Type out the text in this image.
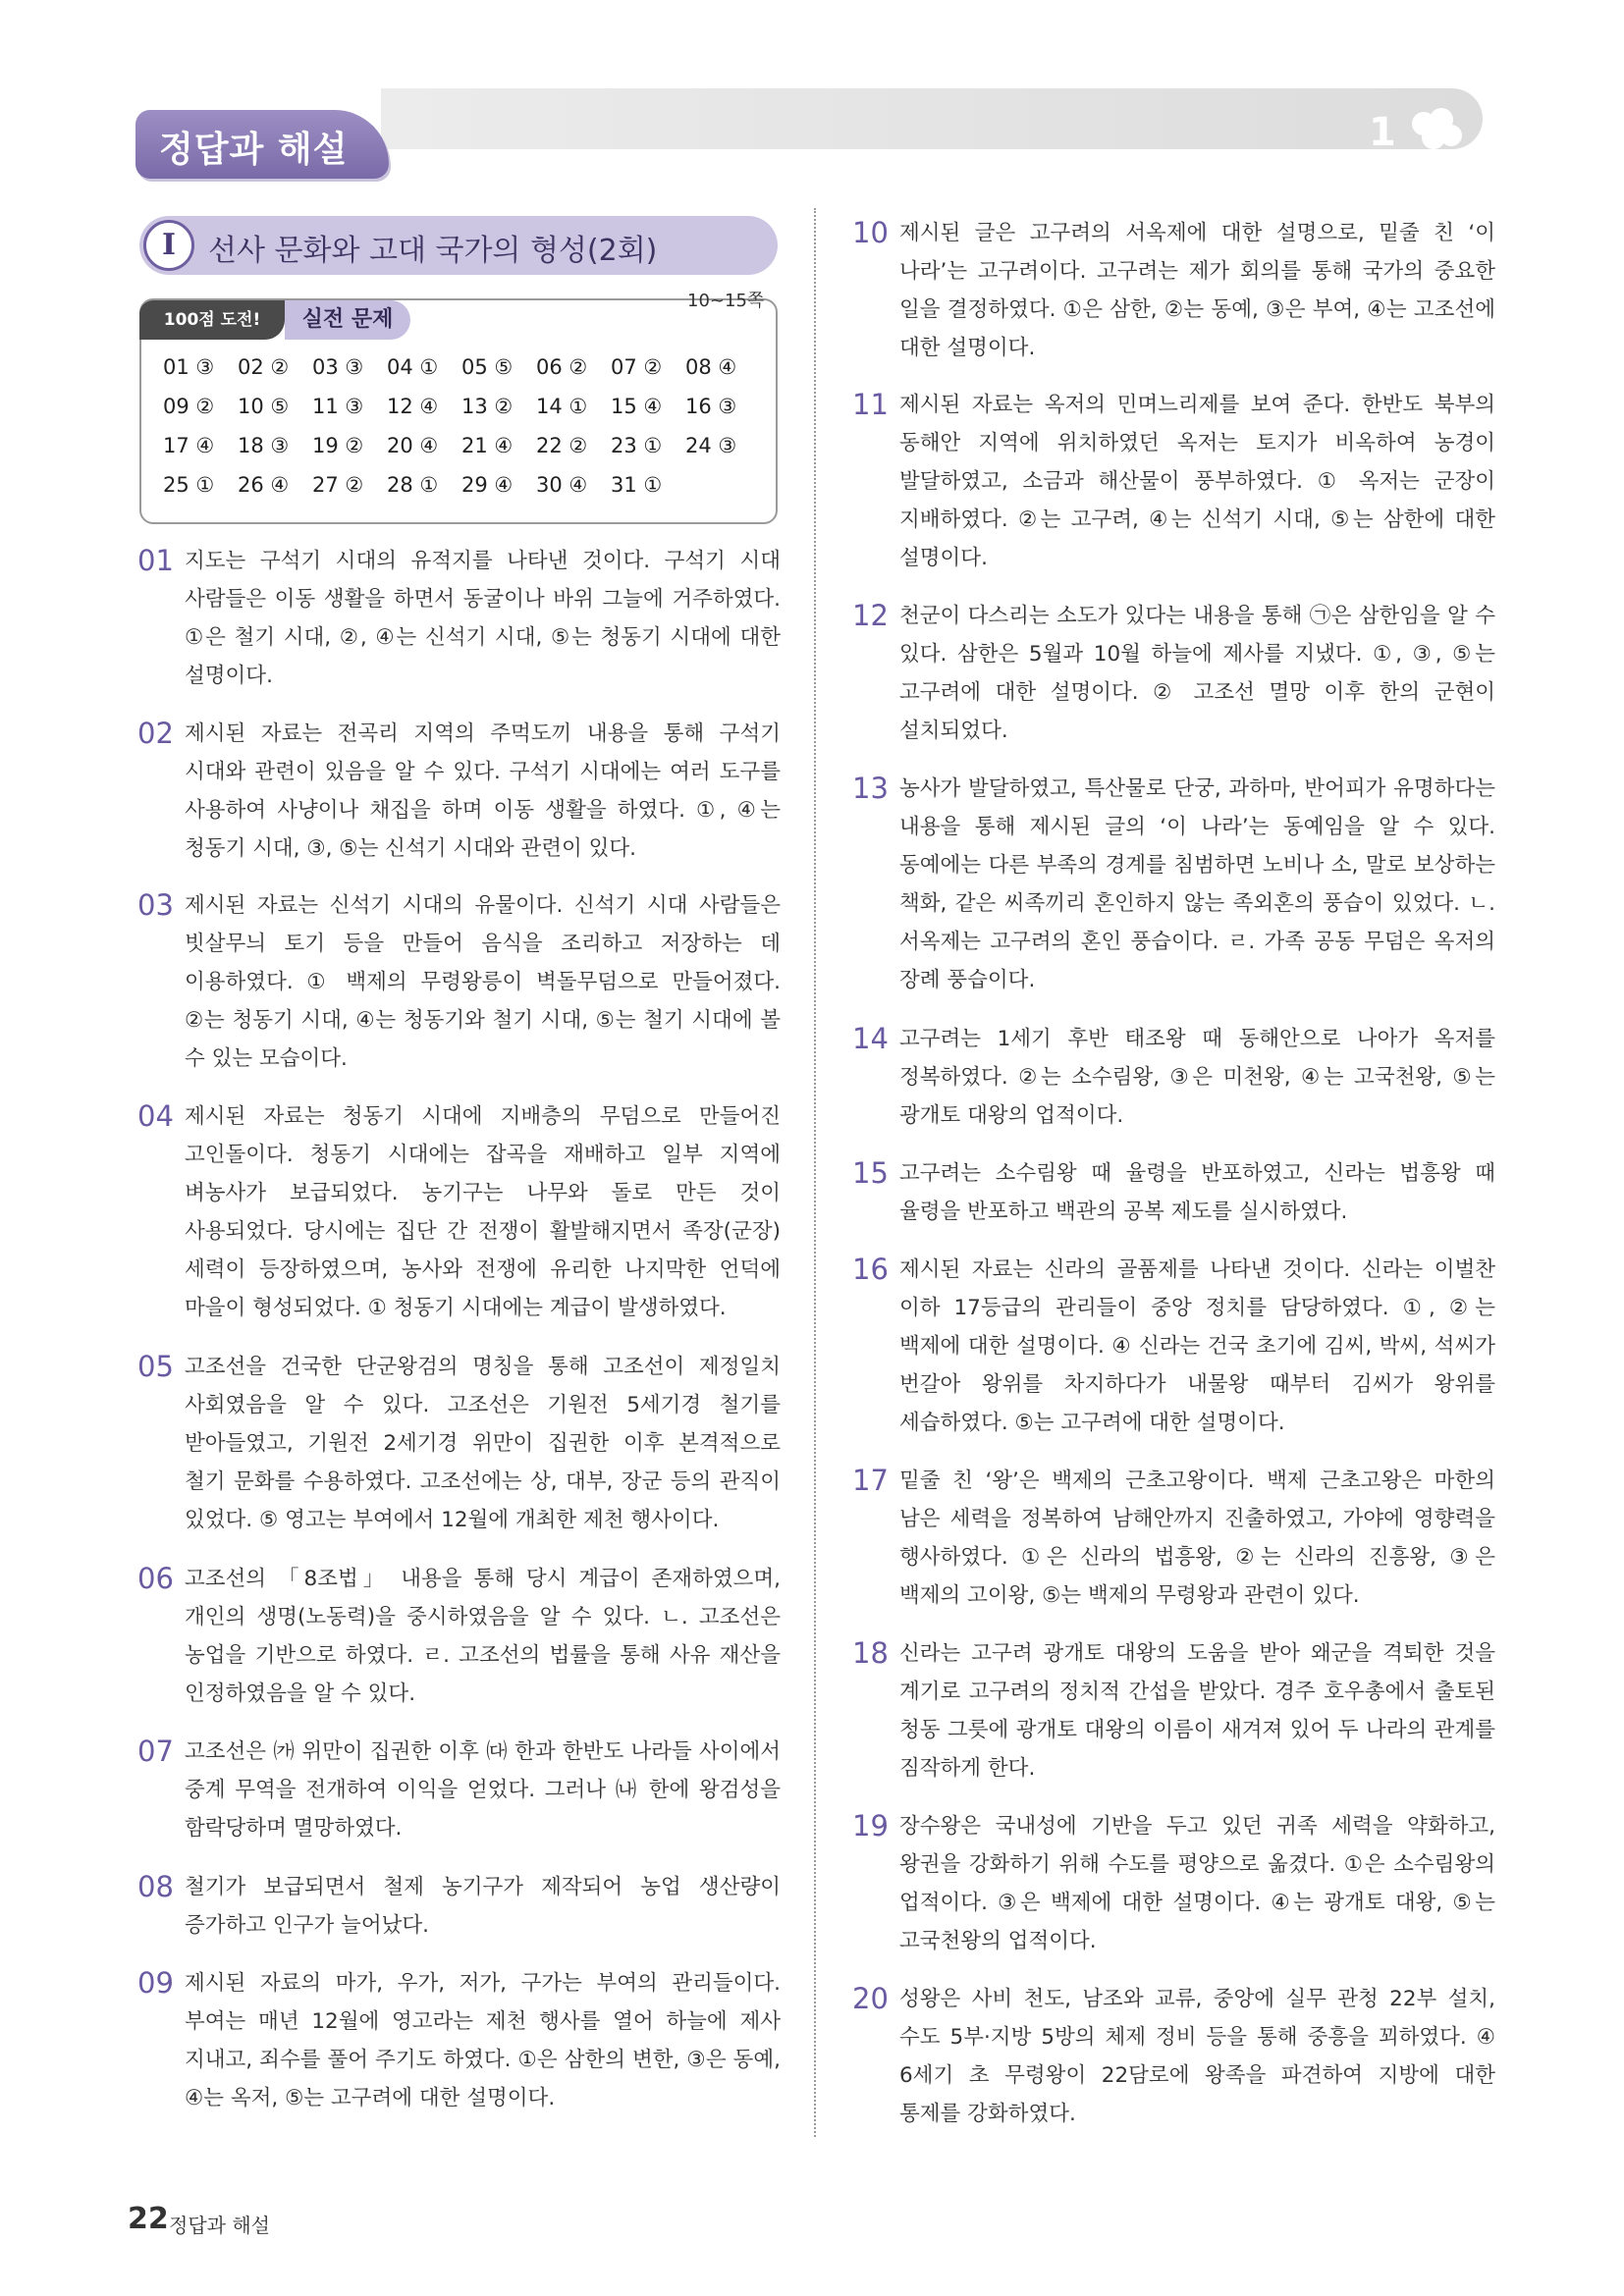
정답과 해설	1
I	선사 문화와 고대 국가의 형성(2회)
100점 도전!	실전 문제
10~15쪽
01 ③	02 ②	03 ③	04 ①	05 ⑤	06 ②	07 ②	08 ④
09 ②	10 ⑤	11 ③	12 ④	13 ②	14 ①	15 ④	16 ③
17 ④	18 ③	19 ②	20 ④	21 ④	22 ②	23 ①	24 ③
25 ①	26 ④	27 ②	28 ①	29 ④	30 ④	31 ①
01 지도는 구석기 시대의 유적지를 나타낸 것이다. 구석기 시대 사람들은 이동 생활을 하면서 동굴이나 바위 그늘에 거주하였다. ①은 철기 시대, ②, ④는 신석기 시대, ⑤는 청동기 시대에 대한 설명이다.
02 제시된 자료는 전곡리 지역의 주먹도끼 내용을 통해 구석기 시대와 관련이 있음을 알 수 있다. 구석기 시대에는 여러 도구를 사용하여 사냥이나 채집을 하며 이동 생활을 하였다. ①, ④는 청동기 시대, ③, ⑤는 신석기 시대와 관련이 있다.
03 제시된 자료는 신석기 시대의 유물이다. 신석기 시대 사람들은 빗살무늬 토기 등을 만들어 음식을 조리하고 저장하는 데 이용하였다. ① 백제의 무령왕릉이 벽돌무덤으로 만들어졌다. ②는 청동기 시대, ④는 청동기와 철기 시대, ⑤는 철기 시대에 볼 수 있는 모습이다.
04 제시된 자료는 청동기 시대에 지배층의 무덤으로 만들어진 고인돌이다. 청동기 시대에는 잡곡을 재배하고 일부 지역에 벼농사가 보급되었다. 농기구는 나무와 돌로 만든 것이 사용되었다. 당시에는 집단 간 전쟁이 활발해지면서 족장(군장) 세력이 등장하였으며, 농사와 전쟁에 유리한 나지막한 언덕에 마을이 형성되었다. ① 청동기 시대에는 계급이 발생하였다.
05 고조선을 건국한 단군왕검의 명칭을 통해 고조선이 제정일치 사회였음을 알 수 있다. 고조선은 기원전 5세기경 철기를 받아들였고, 기원전 2세기경 위만이 집권한 이후 본격적으로 철기 문화를 수용하였다. 고조선에는 상, 대부, 장군 등의 관직이 있었다. ⑤ 영고는 부여에서 12월에 개최한 제천 행사이다.
06 고조선의 「8조법」 내용을 통해 당시 계급이 존재하였으며, 개인의 생명(노동력)을 중시하였음을 알 수 있다. ㄴ. 고조선은 농업을 기반으로 하였다. ㄹ. 고조선의 법률을 통해 사유 재산을 인정하였음을 알 수 있다.
07 고조선은 ㈎ 위만이 집권한 이후 ㈐ 한과 한반도 나라들 사이에서 중계 무역을 전개하여 이익을 얻었다. 그러나 ㈏ 한에 왕검성을 함락당하며 멸망하였다.
08 철기가 보급되면서 철제 농기구가 제작되어 농업 생산량이 증가하고 인구가 늘어났다.
09 제시된 자료의 마가, 우가, 저가, 구가는 부여의 관리들이다. 부여는 매년 12월에 영고라는 제천 행사를 열어 하늘에 제사 지내고, 죄수를 풀어 주기도 하였다. ①은 삼한의 변한, ③은 동예, ④는 옥저, ⑤는 고구려에 대한 설명이다.
10 제시된 글은 고구려의 서옥제에 대한 설명으로, 밑줄 친 ‘이 나라’는 고구려이다. 고구려는 제가 회의를 통해 국가의 중요한 일을 결정하였다. ①은 삼한, ②는 동예, ③은 부여, ④는 고조선에 대한 설명이다.
11 제시된 자료는 옥저의 민며느리제를 보여 준다. 한반도 북부의 동해안 지역에 위치하였던 옥저는 토지가 비옥하여 농경이 발달하였고, 소금과 해산물이 풍부하였다. ① 옥저는 군장이 지배하였다. ②는 고구려, ④는 신석기 시대, ⑤는 삼한에 대한 설명이다.
12 천군이 다스리는 소도가 있다는 내용을 통해 ㉠은 삼한임을 알 수 있다. 삼한은 5월과 10월 하늘에 제사를 지냈다. ①, ③, ⑤는 고구려에 대한 설명이다. ② 고조선 멸망 이후 한의 군현이 설치되었다.
13 농사가 발달하였고, 특산물로 단궁, 과하마, 반어피가 유명하다는 내용을 통해 제시된 글의 ‘이 나라’는 동예임을 알 수 있다. 동예에는 다른 부족의 경계를 침범하면 노비나 소, 말로 보상하는 책화, 같은 씨족끼리 혼인하지 않는 족외혼의 풍습이 있었다. ㄴ. 서옥제는 고구려의 혼인 풍습이다. ㄹ. 가족 공동 무덤은 옥저의 장례 풍습이다.
14 고구려는 1세기 후반 태조왕 때 동해안으로 나아가 옥저를 정복하였다. ②는 소수림왕, ③은 미천왕, ④는 고국천왕, ⑤는 광개토 대왕의 업적이다.
15 고구려는 소수림왕 때 율령을 반포하였고, 신라는 법흥왕 때 율령을 반포하고 백관의 공복 제도를 실시하였다.
16 제시된 자료는 신라의 골품제를 나타낸 것이다. 신라는 이벌찬 이하 17등급의 관리들이 중앙 정치를 담당하였다. ①, ②는 백제에 대한 설명이다. ④ 신라는 건국 초기에 김씨, 박씨, 석씨가 번갈아 왕위를 차지하다가 내물왕 때부터 김씨가 왕위를 세습하였다. ⑤는 고구려에 대한 설명이다.
17 밑줄 친 ‘왕’은 백제의 근초고왕이다. 백제 근초고왕은 마한의 남은 세력을 정복하여 남해안까지 진출하였고, 가야에 영향력을 행사하였다. ①은 신라의 법흥왕, ②는 신라의 진흥왕, ③은 백제의 고이왕, ⑤는 백제의 무령왕과 관련이 있다.
18 신라는 고구려 광개토 대왕의 도움을 받아 왜군을 격퇴한 것을 계기로 고구려의 정치적 간섭을 받았다. 경주 호우총에서 출토된 청동 그릇에 광개토 대왕의 이름이 새겨져 있어 두 나라의 관계를 짐작하게 한다.
19 장수왕은 국내성에 기반을 두고 있던 귀족 세력을 약화하고, 왕권을 강화하기 위해 수도를 평양으로 옮겼다. ①은 소수림왕의 업적이다. ③은 백제에 대한 설명이다. ④는 광개토 대왕, ⑤는 고국천왕의 업적이다.
20 성왕은 사비 천도, 남조와 교류, 중앙에 실무 관청 22부 설치, 수도 5부·지방 5방의 체제 정비 등을 통해 중흥을 꾀하였다. ④ 6세기 초 무령왕이 22담로에 왕족을 파견하여 지방에 대한 통제를 강화하였다.
22 정답과 해설
